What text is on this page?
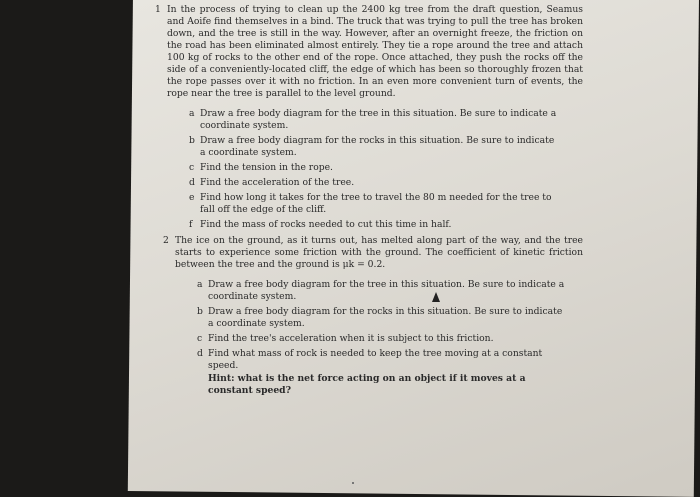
1 In the process of trying to clean up the 2400 kg tree from the draft question, Seamus and Aoife find themselves in a bind. The truck that was trying to pull the tree has broken down, and the tree is still in the way. However, after an overnight freeze, the friction on the road has been eliminated almost entirely. They tie a rope around the tree and attach 100 kg of rocks to the other end of the rope. Once attached, they push the rocks off the side of a conveniently-located cliff, the edge of which has been so thoroughly frozen that the rope passes over it with no friction. In an even more convenient turn of events, the rope near the tree is parallel to the level ground.

a Draw a free body diagram for the tree in this situation. Be sure to indicate a coordinate system.
b Draw a free body diagram for the rocks in this situation. Be sure to indicate a coordinate system.
c Find the tension in the rope.
d Find the acceleration of the tree.
e Find how long it takes for the tree to travel the 80 m needed for the tree to fall off the edge of the cliff.
f Find the mass of rocks needed to cut this time in half.
2 The ice on the ground, as it turns out, has melted along part of the way, and the tree starts to experience some friction with the ground. The coefficient of kinetic friction between the tree and the ground is μk = 0.2.

a Draw a free body diagram for the tree in this situation. Be sure to indicate a coordinate system.
b Draw a free body diagram for the rocks in this situation. Be sure to indicate a coordinate system.
c Find the tree's acceleration when it is subject to this friction.
d Find what mass of rock is needed to keep the tree moving at a constant speed.
Hint: what is the net force acting on an object if it moves at a constant speed?
